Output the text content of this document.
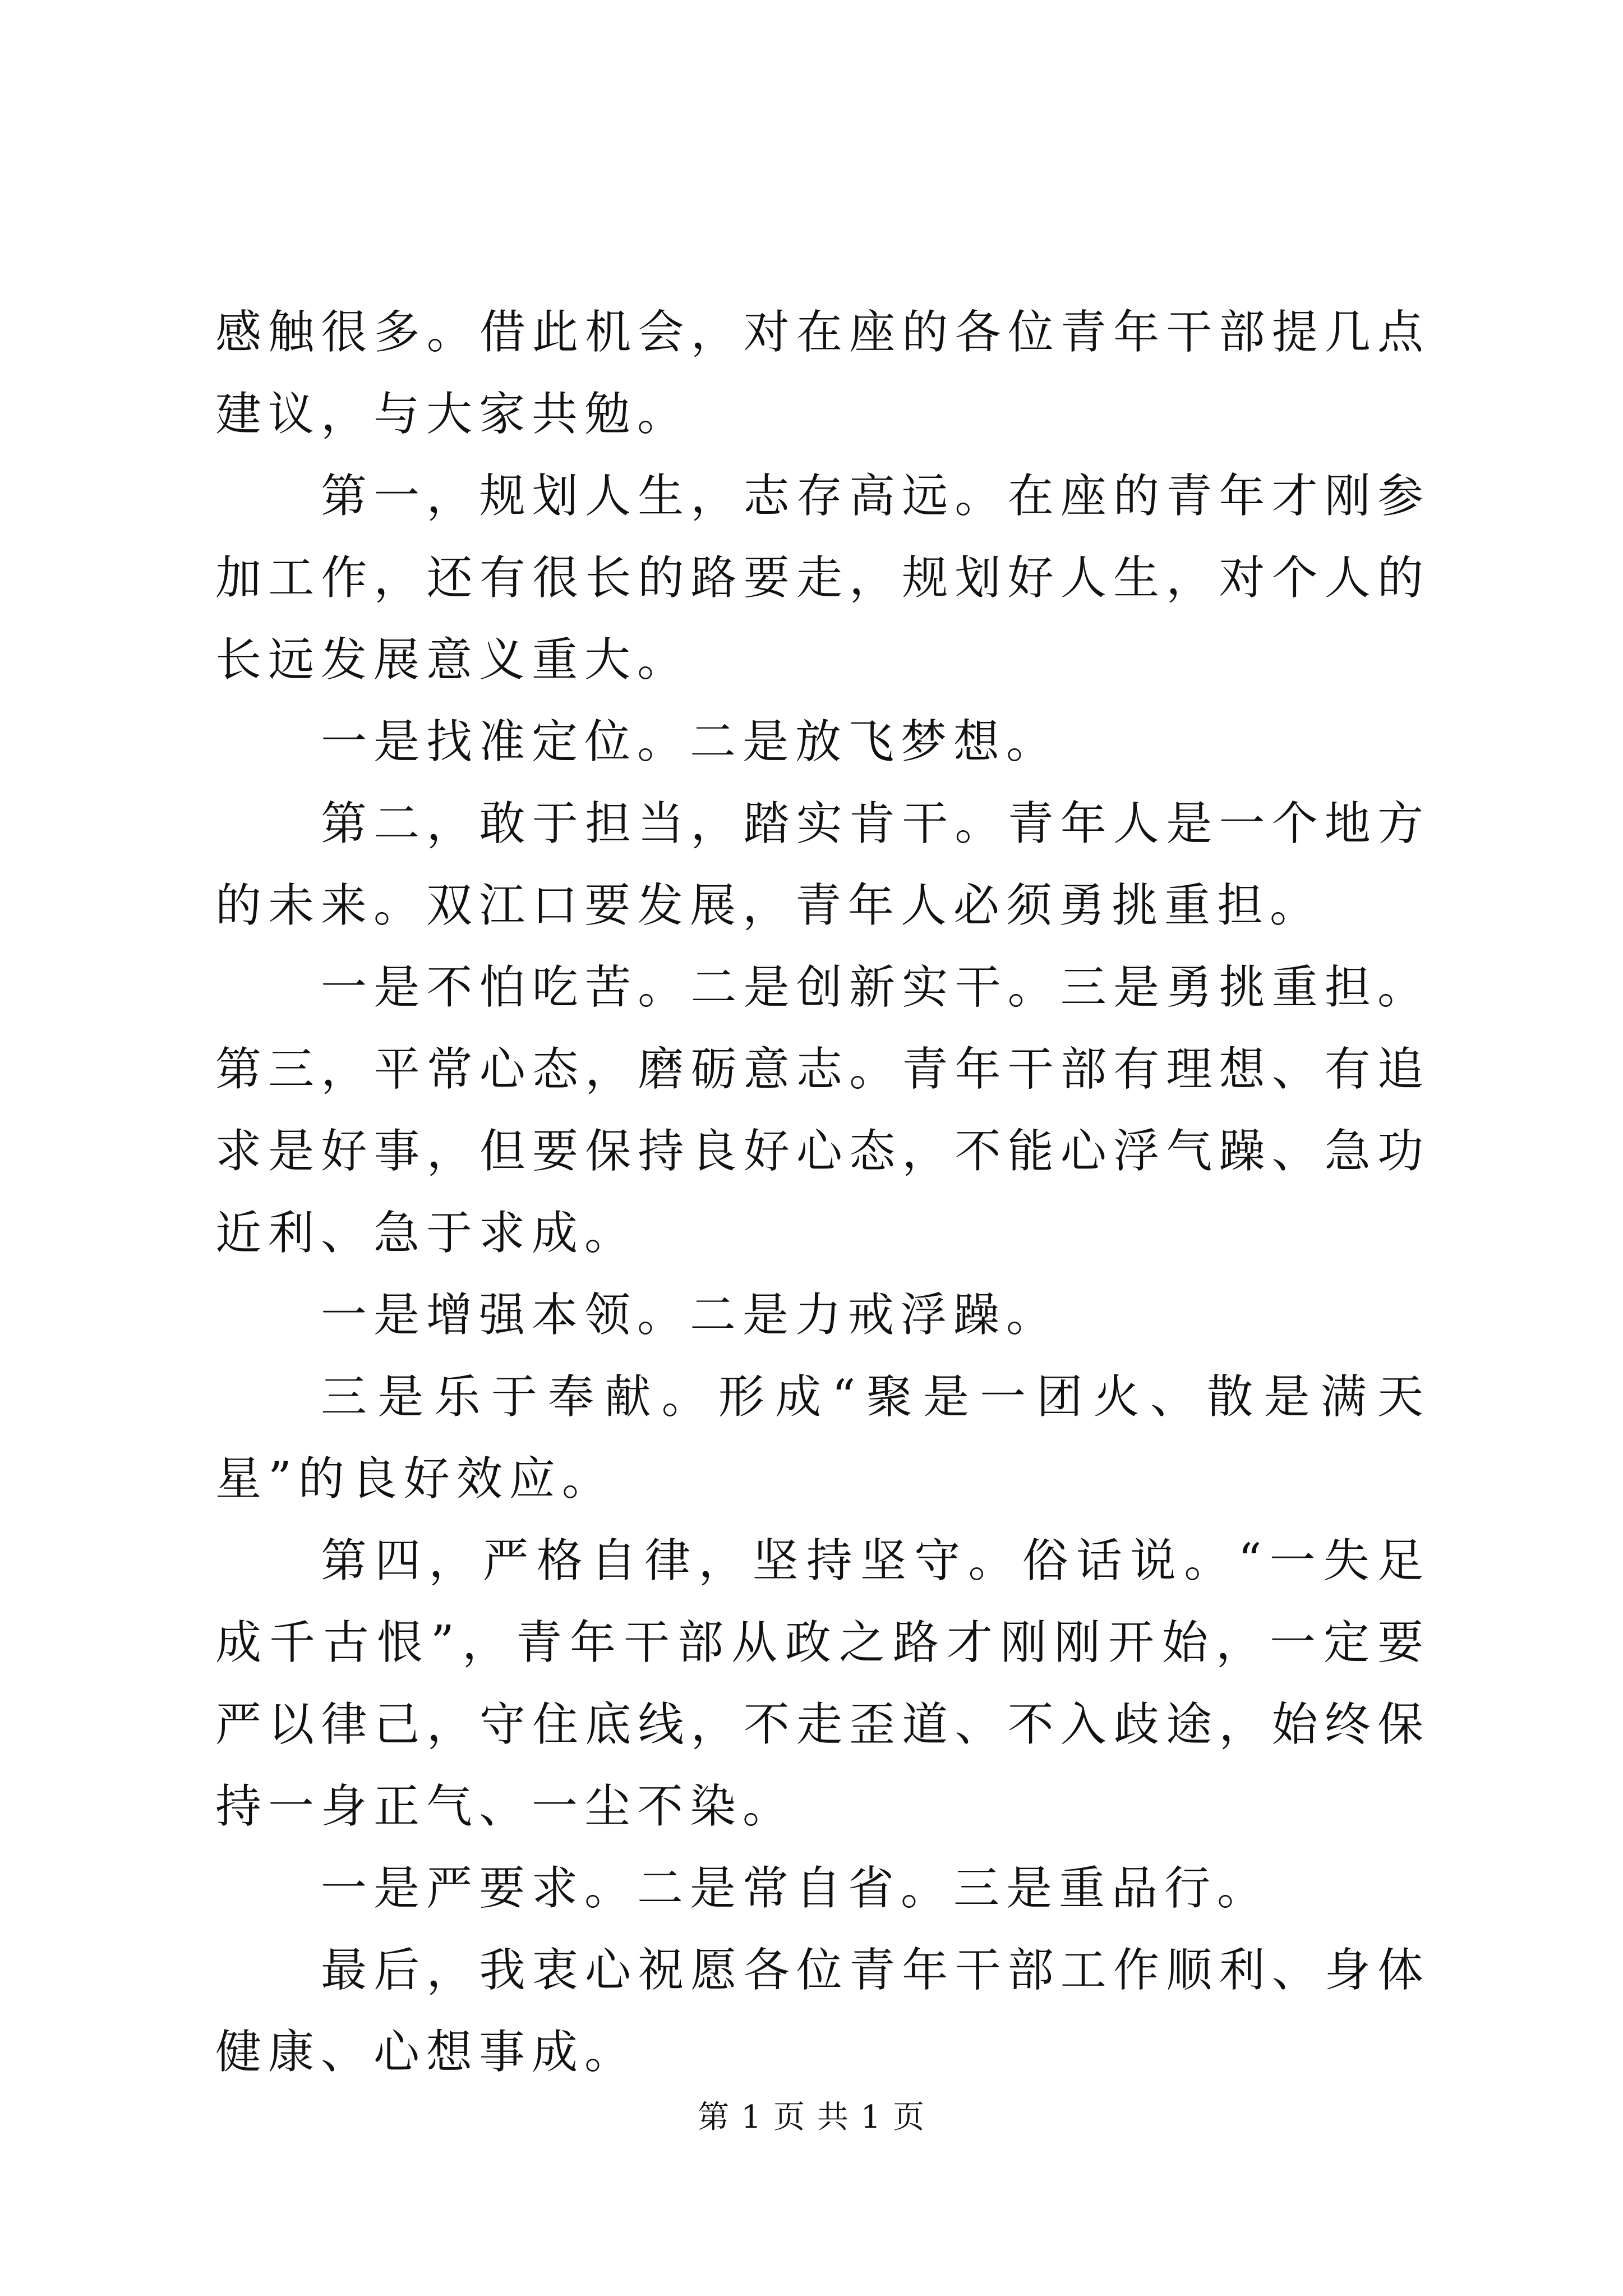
感触很多。借此机会，对在座的各位青年干部提几点建议，与大家共勉。

第一，规划人生，志存高远。在座的青年才刚参加工作，还有很长的路要走，规划好人生，对个人的长远发展意义重大。

一是找准定位。二是放飞梦想。

第二，敢于担当，踏实肯干。青年人是一个地方的未来。双江口要发展，青年人必须勇挑重担。

一是不怕吃苦。二是创新实干。三是勇挑重担。第三，平常心态，磨砺意志。青年干部有理想、有追求是好事，但要保持良好心态，不能心浮气躁、急功近利、急于求成。

一是增强本领。二是力戒浮躁。

三是乐于奉献。形成“聚是一团火、散是满天星”的良好效应。

第四，严格自律，坚持坚守。俗话说。“一失足成千古恨”，青年干部从政之路才刚刚开始，一定要严以律己，守住底线，不走歪道、不入歧途，始终保持一身正气、一尘不染。

一是严要求。二是常自省。三是重品行。

最后，我衷心祝愿各位青年干部工作顺利、身体健康、心想事成。

第 1 页 共 1 页
